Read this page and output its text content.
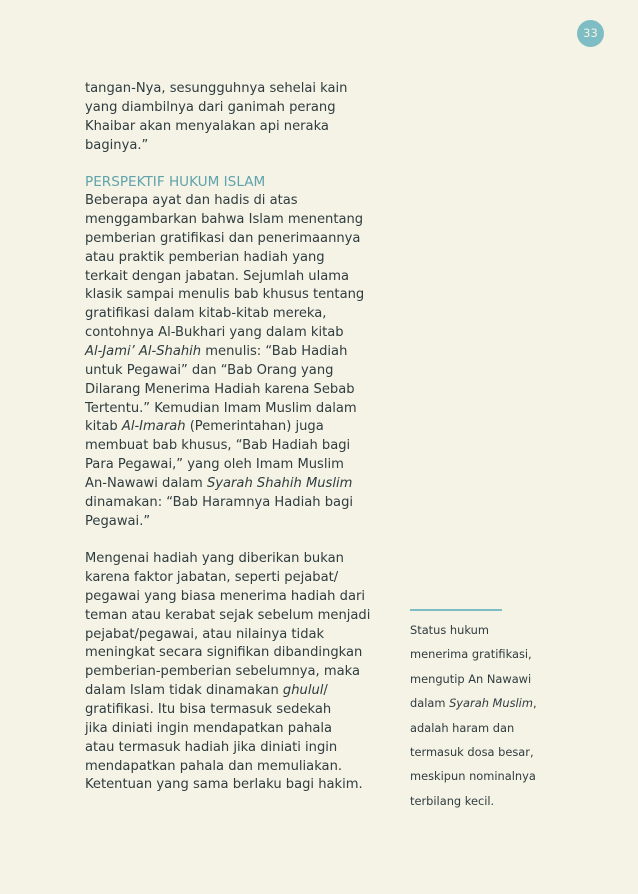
33
tangan-Nya, sesungguhnya sehelai kain
yang diambilnya dari ganimah perang
Khaibar akan menyalakan api neraka
baginya.”
PERSPEKTIF HUKUM ISLAM
Beberapa ayat dan hadis di atas
menggambarkan bahwa Islam menentang
pemberian gratifikasi dan penerimaannya
atau praktik pemberian hadiah yang
terkait dengan jabatan. Sejumlah ulama
klasik sampai menulis bab khusus tentang
gratifikasi dalam kitab-kitab mereka,
contohnya Al-Bukhari yang dalam kitab
Al-Jami’ Al-Shahih menulis: “Bab Hadiah
untuk Pegawai” dan “Bab Orang yang
Dilarang Menerima Hadiah karena Sebab
Tertentu.” Kemudian Imam Muslim dalam
kitab Al-Imarah (Pemerintahan) juga
membuat bab khusus, “Bab Hadiah bagi
Para Pegawai,” yang oleh Imam Muslim
An-Nawawi dalam Syarah Shahih Muslim
dinamakan: “Bab Haramnya Hadiah bagi
Pegawai.”
Mengenai hadiah yang diberikan bukan
karena faktor jabatan, seperti pejabat/
pegawai yang biasa menerima hadiah dari
teman atau kerabat sejak sebelum menjadi
pejabat/pegawai, atau nilainya tidak
meningkat secara signifikan dibandingkan
pemberian-pemberian sebelumnya, maka
dalam Islam tidak dinamakan ghulul/
gratifikasi. Itu bisa termasuk sedekah
jika diniati ingin mendapatkan pahala
atau termasuk hadiah jika diniati ingin
mendapatkan pahala dan memuliakan.
Ketentuan yang sama berlaku bagi hakim.
Status hukum
menerima gratifikasi,
mengutip An Nawawi
dalam Syarah Muslim,
adalah haram dan
termasuk dosa besar,
meskipun nominalnya
terbilang kecil.
